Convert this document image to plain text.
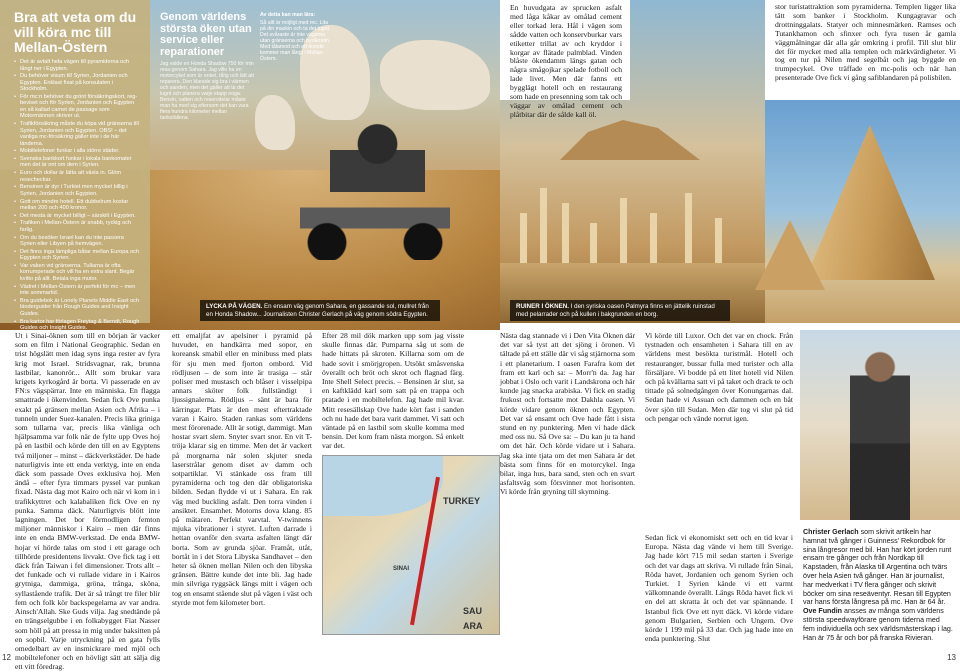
Bra att veta om du vill köra mc till Mellan-Östern
• Det är avtalt hela vägen till pyramiderna och långt ner i Egypten.
• Du behöver visum till Syrien, Jordanien och Egypten. Enklast fixat på konsulaten i Stockholm.
• För mc:n behöver du grönt försäkringskort, reg-beviset och för Syrien, Jordanien och Egypten en så kallad carnet de passage som Motormännen skriver ut.
• Trafikförsäkring måste du köpa vid gränserna till Syrien, Jordanien och Egypten. OBS! – det vanliga mc-försäkring gäller inte i de här länderna.
• Mobiltelefoner funkar i alla större städer.
• Svenska bankkort funkar i lokala bankomater men det är ont om dem i Syrien.
• Euro och dollar är lätta att växla in. Glöm resecheckar.
• Bensinen är dyr i Turkiet men mycket billig i Syrien, Jordanien och Egypten.
• Gott om mindre hotell. Ett dubbelrum kostar mellan 200 och 400 kronor.
• Det mesta är mycket billigt – särskilt i Egypten.
• Trafiken i Mellan-Östern är snabb, ryckig och farlig.
• Om du besöker Israel kan du inte passera Syrien eller Libyen på hemvägen.
• Det finns inga lämpliga båtar mellan Europa och Egypten och Syrien.
• Var vaken vid gränserna. Tullarna är ofta korrumperade och vill ha en extra slant. Begär kvitto på allt. Betala inga mutor.
• Vädret i Mellan-Östern är perfekt för mc – men inte sommartid.
• Bra guidebok är Lonely Planets Middle East och länderguider från Rough Guides and Insight Guides.
• Bra kartor har förlagen Freytag & Berndt, Rough Guides och Insight Guides.
Genom världens största öken utan service eller reparationer

Jag valde en Honda Shadow 750 för min resa genom Sahara. Jag ville ha en motorcykel som är enkel, tålig och lätt att reparera. Den klarade sig bra i värmen och sanden, men det gäller att ta det lugnt och planera varje etapp noga. Bensin, vatten och reservdelar måste man ha med sig eftersom det kan vara flera hundra kilometer mellan tankställena.

Av detta kan man lära:

Så allt är möjligt med mc. Lita på din maskin och ta det lugnt. Det svåraste är inte vägarna utan gränserna och byråkratin. Med tålamod och ett leende kommer man långt i Mellan-Östern.

LYCKA PÅ VÄGEN. En ensam väg genom Sahara, en gassande sol, mullret från en Honda Shadow... Journalisten Christer Gerlach på väg genom södra Egypten.

En huvudgata av sprucken asfalt med låga kåkar av omålad cement eller torkad lera. Hål i vägen som sådde vatten och konservburkar vars etiketter trillat av och kryddor i korgar av flätade palmblad. Vinden blåste ökendamm längs gatan och några smågojkar spelade fotboll och lade livet. Men där fanns ett bygglägt hotell och en restaurang som hade en presenning som tak och väggar av omålad cement och plåtbitar där de sålde kall öl.

RUINER I ÖKNEN. I den syriska oasen Palmyra finns en jättelik ruinstad med pelarrader och på kullen i bakgrunden en borg.

stor turistattraktion som pyramiderna. Templen ligger lika tätt som banker i Stockholm. Kungagravar och drottninggalats. Statyer och minnesmärken. Ramses och Tutankhamon och sfinxer och fyra tusen år gamla väggmålningar där alla går omkring i profil. Till slut blir det för mycket med alla templen och märkvärdigheter. Vi tog en tur på Nilen med segelbåt och jag byggde en trumpecykel. Ove träffade en mc-polis och när han presenterade Ove fick vi gång safiblandaren på polisbilen.

Ut i Sinai-öknen som till en början är vacker som en film i National Geographic. Sedan en trist högslätt men idag syns inga rester av fyra krig mot Israel. Stridsvagnar, rak, brunna lastbilar, kanonrör... Allt som brukar vara krigets kyrkogård är borta. Vi passerade en av FN:s vägspärrar. Inte en människa. En flagga smattrade i ökenvinden. Sedan fick Ove punka exakt på gränsen mellan Asien och Afrika – i tunneln under Suez-kanalen. Precis lika griniga som tullarna var, precis lika vänliga och hjälpsamma var folk när de fylte upp Oves hoj på en lastbil och körde den till en av Egyptens två miljoner – minst – däckverkstäder. De hade naturligtvis inte ett enda verktyg, inte en enda däck som passade Oves exklusiva hoj. Men ändå – efter fyra timmars pyssel var punkan fixad. Nästa dag mot Kairo och när vi kom in i trafikkyttret och kalabaliken fick Ove en ny punka. Samma däck. Naturligtvis blött inte lagningen. Det bor förmodligen femton miljoner människor i Kairo – men där finns inte en enda BMW-verkstad. De enda BMW-hojar vi hörde talas om stod i ett garage och tillhörde presidentens livvakt. Ove fick tag i ett däck från Taiwan i fel dimensioner. Trots allt – det funkade och vi rullade vidare in i Kairos grytniga, dammiga, gröna, trånga, sköna, syllastående trafik. Det är så trångt tre filer blir fem och folk kör backspegelarna av var andra. Ainsch'Allah. Ske Guds vilja. Jag snedtände på en trängselgubbe i en folkabygget Fiat Nasser som höll på att pressa in mig under baksitten på en sopbil. Varje utryckning på en gata fylls omedelbart av en insmickrare med mjöl och mobiltelefoner och en hövligt sätt att sälja dig ett vitt föredrag.

ett emaljfat av apelsiner i pyramid på huvudet, en handkärra med sopor, en koreansk smabil eller en minibuss med plats för sju men med fjorton ombord. Vid rödljusen – de som inte är trasiga – står poliser med mustasch och blåser i visselpipa annars sköter folk fullständigt i ljussignalerna. Rödljus – sänt är bara för kärringar. Plats är den mest eftertraktade varan i Kairo. Staden rankas som världens mest förorenade. Allt är sotigt, dammigt. Man hostar svart slem. Snyter svart snor. En vit T-tröja klarar sig en timme. Men det är vackert på morgnarna när solen skjuter sneda laserstrålar genom diset av damm och sotpartiklar. Vi stänkade oss fram till pyramiderna och tog den där obligatoriska bilden. Sedan flydde vi ut i Sahara. En rak väg med buckling asfalt. Den torra vinden i ansiktet. Ensamhet. Motorns dova klang. 85 på mätaren. Perfekt varvtal. V-twinnens mjuka vibrationer i styret. Luften darrade i hettan ovanför den svarta asfalten längt där borta. Som av grunda sjöar. Framåt, utåt, bortåt in i det Stora Libyska Sandhavet – den heter så öknen mellan Nilen och den libyska gränsen. Bättre kunde det inte bli. Jag hade min silvriga ryggsäck längs mitt i vägen och tog en ensamt stående slut på vägen i väst och styrde mot fem kilometer bort.

Efter 28 mil dök marken upp som jag visste skulle finnas där. Pumparna såg ut som de hade hittats på skroten. Killarna som om de hade sovit i smörjgropen. Utsökt småsvenska överallt och bröt och skrot och flagnad färg. Inte Shell Select precis. – Bensinen är slut, sa en kaftklädd karl som satt på en trappa och pratade i en mobiltelefon. Jag hade mil kvar. Mitt resesällskap Ove hade kört fast i sanden och nu hade det bara varit dammet. Vi satt och väntade på en lastbil som skulle komma med bensin. Det kom fram nästa morgon. Så enkelt var det.

Nästa dag stannade vi i Den Vita Öknen där det var så tyst att det sjöng i öronen. Vi tältade på ett ställe där vi såg stjärnorna som i ett planetarium. I oasen Farafra kom det fram ett karl och sa: – Morr'n da. Jag har jobbat i Oslo och varit i Landskrona och här kunde jag snacka arabiska. Vi fick en stadig frukost och fortsatte mot Dakhla oasen. Vi körde vidare genom öknen och Egypten. Det var så ensamt och Ove hade fått i sista stund en ny punktering. Men vi hade däck med oss nu. Så Ove sa: – Du kan ju ta hand om det här. Och körde vidare ut i Sahara. Jag ska inte tjata om det men Sahara är det bästa som finns för en motorcykel. Inga bilar, inga hus, bara sand, sten och en svart asfaltsväg som försvinner mot horisonten. Vi körde från gryning till skymning.

Vi körde till Luxor. Och det var en chock. Från tystnaden och ensamheten i Sahara till en av världens mest besökta turistmål. Hotell och restauranger, bussar fulla med turister och alla försäljare. Vi bodde på ett litet hotell vid Nilen och på kvällarna satt vi på taket och drack te och tittade på solnedgången över Konungarnas dal. Sedan hade vi Assuan och dammen och en båt över sjön till Sudan. Men där tog vi slut på tid och pengar och vände norrut igen.

Sedan fick vi ekonomiskt sett och en tid kvar i Europa. Nästa dag vände vi hem till Sverige. Jag hade kört 715 mil sedan starten i Sverige och det var dags att skriva. Vi rullade från Sinai, Röda havet, Jordanien och genom Syrien och Turkiet. I Syrien kände vi ett varmt välkomnande överallt. Längs Röda havet fick vi en del att skratta åt och det var spännande. I Istanbul fick Ove ett nytt däck. Vi körde vidare genom Bulgarien, Serbien och Ungern. Ove körde 1 199 mil på 33 dar. Och jag hade inte en enda punktering. Slut

TURKEY
SAU
ARA
SINAI

Christer Gerlach som skrivit artikeln har hamnat två gånger i Guinness' Rekordbok för sina långresor med bil. Han har kört jorden runt ensam tre gånger och från Nordkap till Kapstaden, från Alaska till Argentina och tvärs över hela Asien två gånger. Han är journalist, har medverkat i TV flera gånger och skrivit böcker om sina reseäventyr. Resan till Egypten var hans första långresa på mc. Han är 64 år. Ove Fundin ansses av många som världens största speedwayförare genom tiderna med fem individuella och sex världsmästerskap i lag. Han är 75 år och bor på franska Rivieran.

12	13
